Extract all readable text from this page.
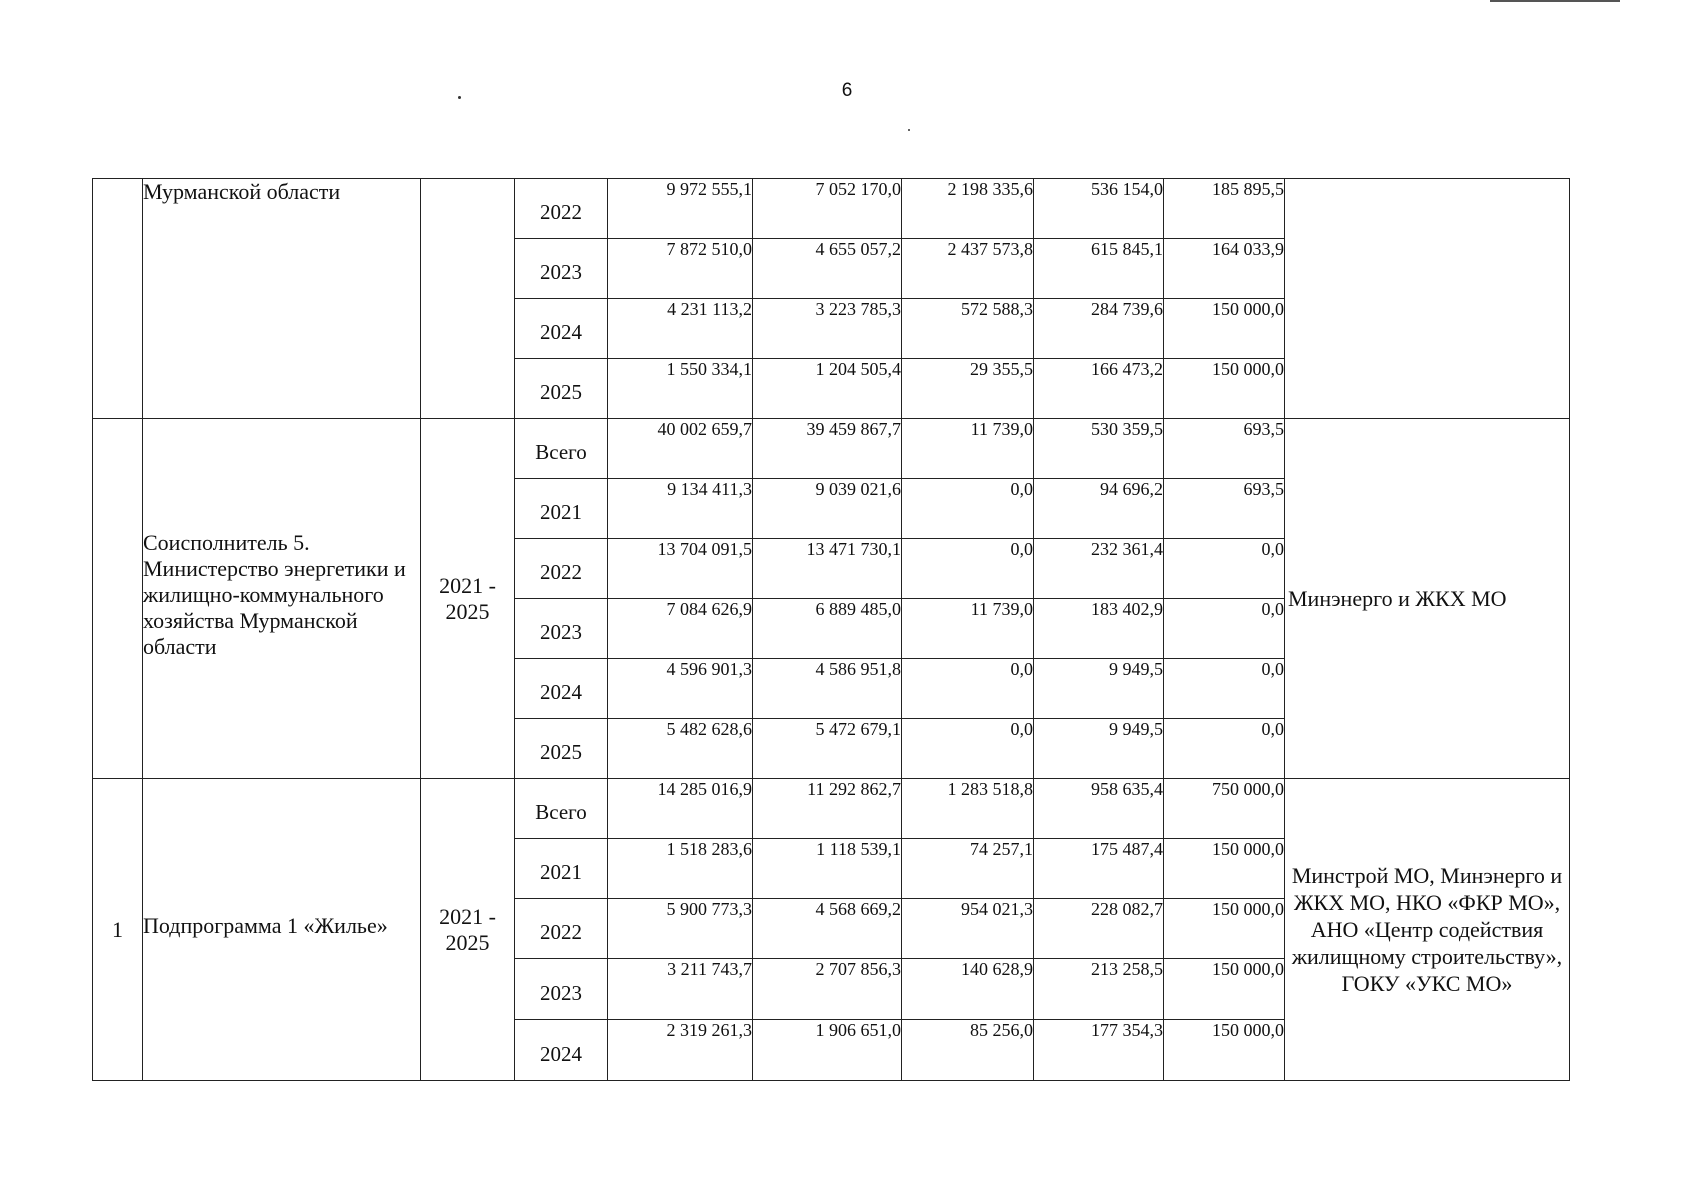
6
	Мурманской области		2022	9 972 555,1	7 052 170,0	2 198 335,6	536 154,0	185 895,5	
			2023	7 872 510,0	4 655 057,2	2 437 573,8	615 845,1	164 033,9	
			2024	4 231 113,2	3 223 785,3	572 588,3	284 739,6	150 000,0	
			2025	1 550 334,1	1 204 505,4	29 355,5	166 473,2	150 000,0	

	Соисполнитель 5. Министерство энергетики и жилищно-коммунального хозяйства Мурманской области	2021 - 2025	Всего	40 002 659,7	39 459 867,7	11 739,0	530 359,5	693,5	Минэнерго и ЖКХ МО
			2021	9 134 411,3	9 039 021,6	0,0	94 696,2	693,5	
			2022	13 704 091,5	13 471 730,1	0,0	232 361,4	0,0	
			2023	7 084 626,9	6 889 485,0	11 739,0	183 402,9	0,0	
			2024	4 596 901,3	4 586 951,8	0,0	9 949,5	0,0	
			2025	5 482 628,6	5 472 679,1	0,0	9 949,5	0,0	
1	Подпрограмма 1 «Жилье»	2021 - 2025	Всего	14 285 016,9	11 292 862,7	1 283 518,8	958 635,4	750 000,0	Минстрой МО, Минэнерго и ЖКХ МО, НКО «ФКР МО», АНО «Центр содействия жилищному строительству», ГОКУ «УКС МО»
			2021	1 518 283,6	1 118 539,1	74 257,1	175 487,4	150 000,0	
			2022	5 900 773,3	4 568 669,2	954 021,3	228 082,7	150 000,0	
			2023	3 211 743,7	2 707 856,3	140 628,9	213 258,5	150 000,0	
			2024	2 319 261,3	1 906 651,0	85 256,0	177 354,3	150 000,0	
